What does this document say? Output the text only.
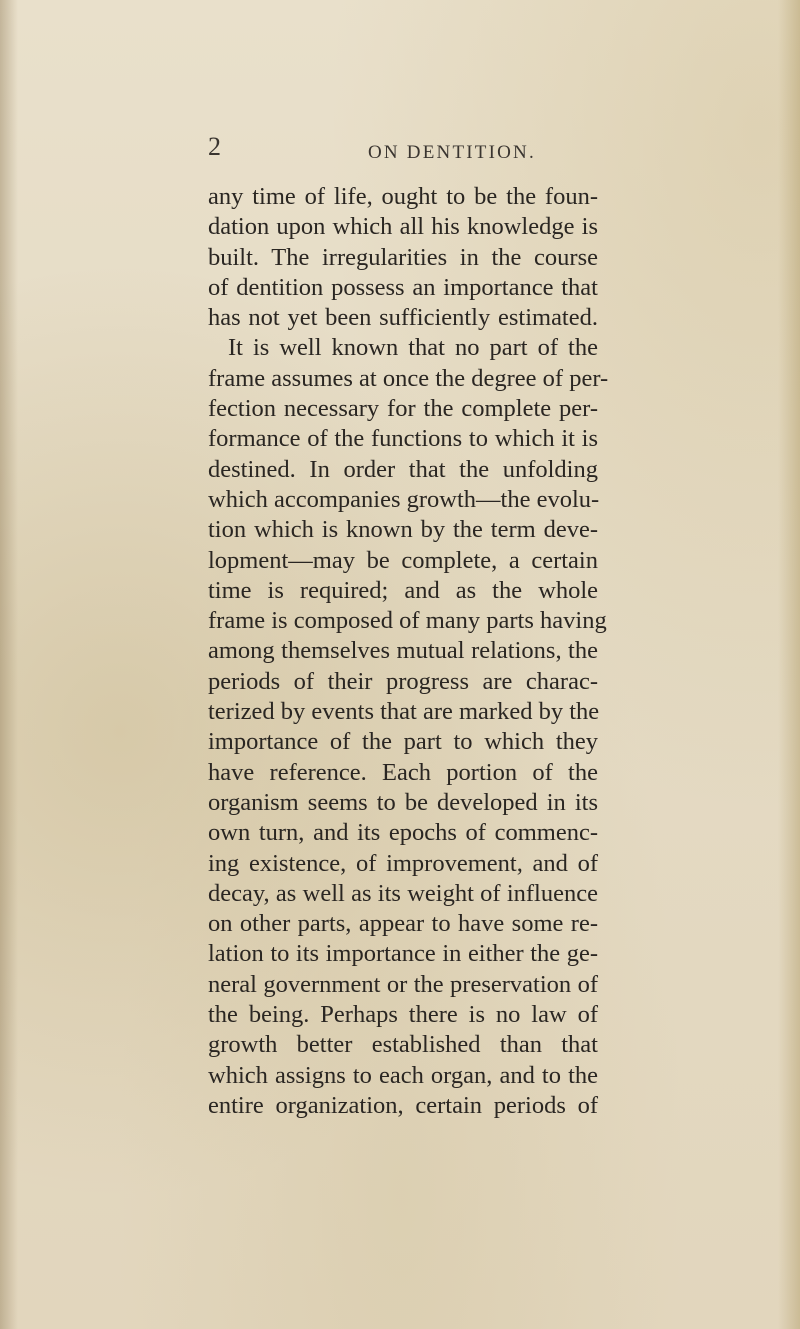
2	ON DENTITION.
any time of life, ought to be the foun-
dation upon which all his knowledge is
built. The irregularities in the course
of dentition possess an importance that
has not yet been sufficiently estimated.
It is well known that no part of the
frame assumes at once the degree of per-
fection necessary for the complete per-
formance of the functions to which it is
destined. In order that the unfolding
which accompanies growth—the evolu-
tion which is known by the term deve-
lopment—may be complete, a certain
time is required; and as the whole
frame is composed of many parts having
among themselves mutual relations, the
periods of their progress are charac-
terized by events that are marked by the
importance of the part to which they
have reference. Each portion of the
organism seems to be developed in its
own turn, and its epochs of commenc-
ing existence, of improvement, and of
decay, as well as its weight of influence
on other parts, appear to have some re-
lation to its importance in either the ge-
neral government or the preservation of
the being. Perhaps there is no law of
growth better established than that
which assigns to each organ, and to the
entire organization, certain periods of
